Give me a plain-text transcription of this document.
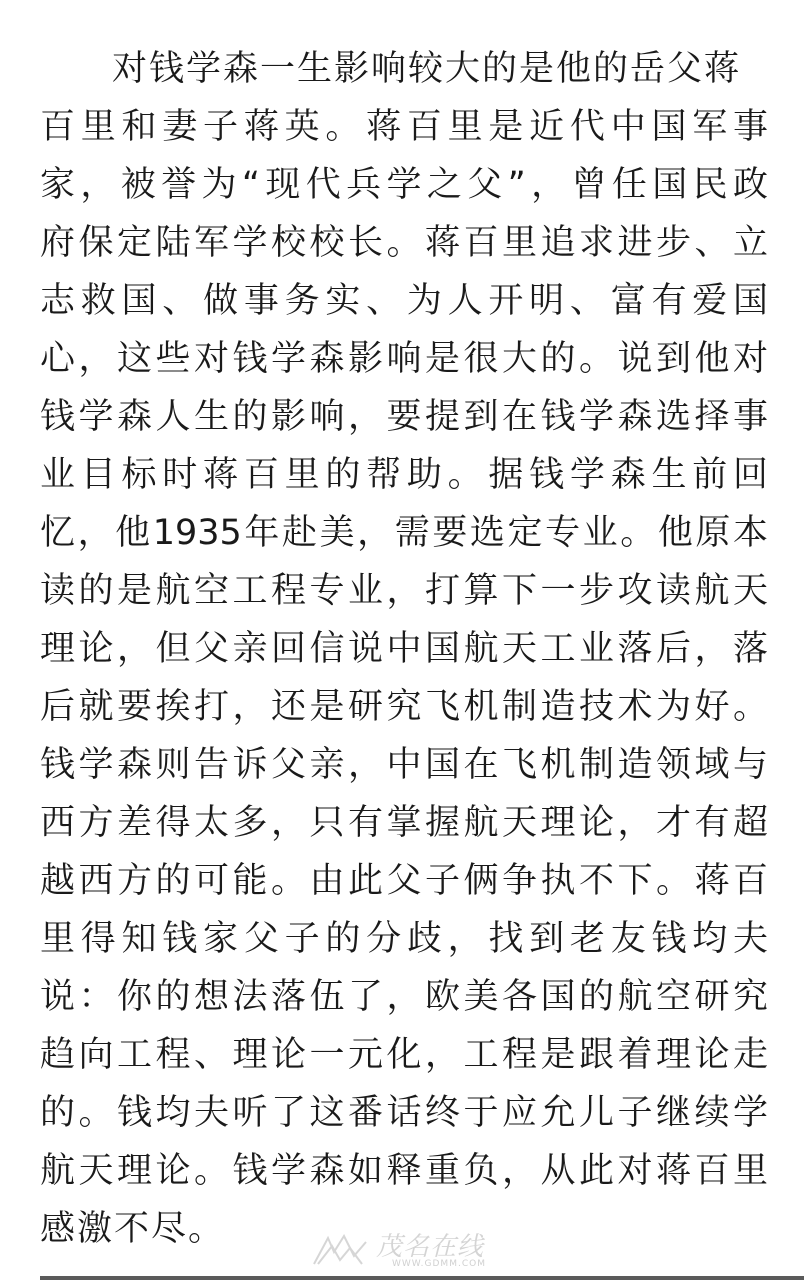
对钱学森一生影响较大的是他的岳父蒋
百里和妻子蒋英。蒋百里是近代中国军事
家，被誉为“现代兵学之父”，曾任国民政
府保定陆军学校校长。蒋百里追求进步、立
志救国、做事务实、为人开明、富有爱国
心，这些对钱学森影响是很大的。说到他对
钱学森人生的影响，要提到在钱学森选择事
业目标时蒋百里的帮助。据钱学森生前回
忆，他1935年赴美，需要选定专业。他原本
读的是航空工程专业，打算下一步攻读航天
理论，但父亲回信说中国航天工业落后，落
后就要挨打，还是研究飞机制造技术为好。
钱学森则告诉父亲，中国在飞机制造领域与
西方差得太多，只有掌握航天理论，才有超
越西方的可能。由此父子俩争执不下。蒋百
里得知钱家父子的分歧，找到老友钱均夫
说：你的想法落伍了，欧美各国的航空研究
趋向工程、理论一元化，工程是跟着理论走
的。钱均夫听了这番话终于应允儿子继续学
航天理论。钱学森如释重负，从此对蒋百里
感激不尽。	茂名在线
WWW.GDMM.COM
